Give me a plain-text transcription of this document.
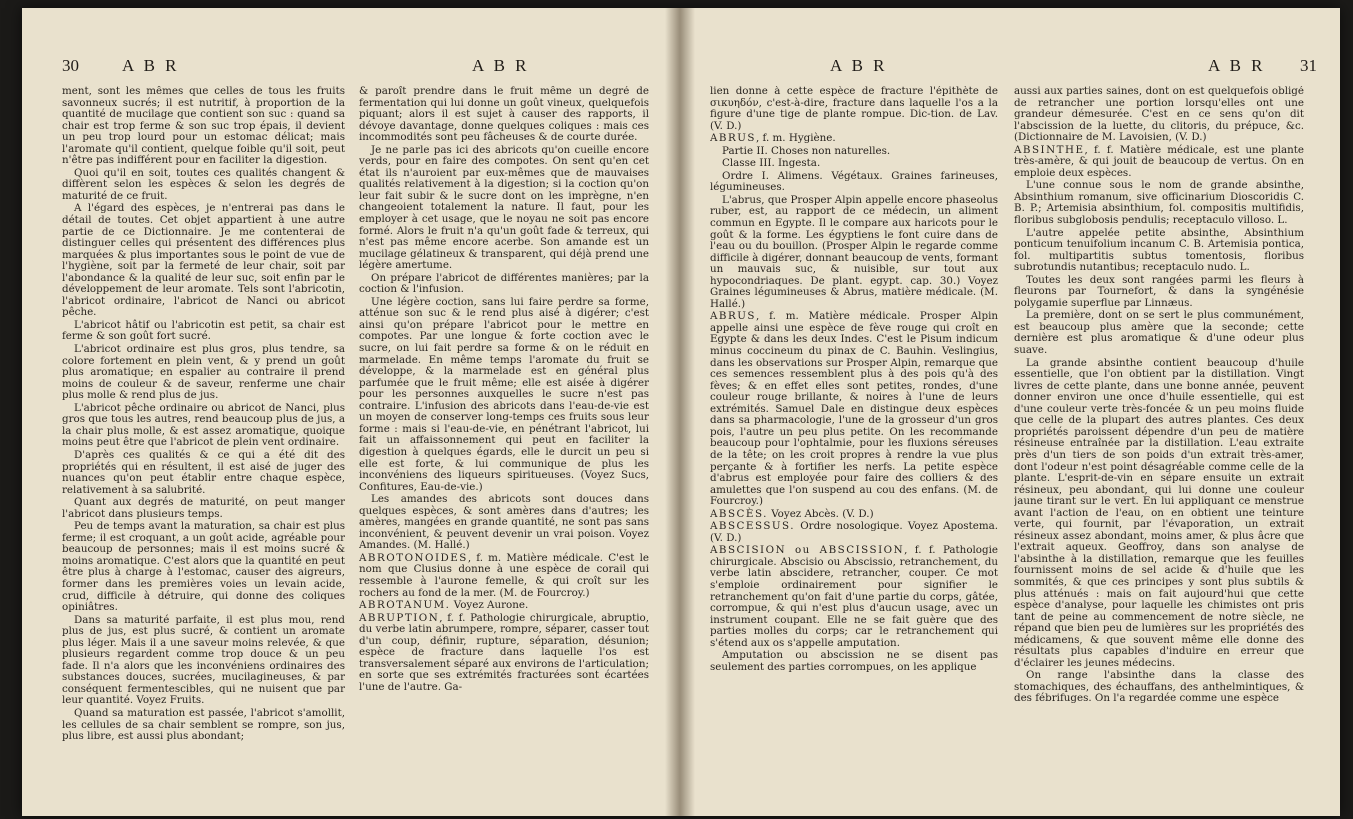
30	A B R	A B R

ment, sont les mêmes que celles de tous les fruits savonneux sucrés; il est nutritif, à proportion de la quantité de mucilage que contient son suc : quand sa chair est trop ferme & son suc trop épais, il devient un peu trop lourd pour un estomac délicat; mais l'aromate qu'il contient, quelque foible qu'il soit, peut n'être pas indifférent pour en faciliter la digestion.

Quoi qu'il en soit, toutes ces qualités changent & diffèrent selon les espèces & selon les degrés de maturité de ce fruit.

A l'égard des espèces, je n'entrerai pas dans le détail de toutes. Cet objet appartient à une autre partie de ce Dictionnaire. Je me contenterai de distinguer celles qui présentent des différences plus marquées & plus importantes sous le point de vue de l'hygiène, soit par la fermeté de leur chair, soit par l'abondance & la qualité de leur suc, soit enfin par le développement de leur aromate. Tels sont l'abricotin, l'abricot ordinaire, l'abricot de Nanci ou abricot pêche.

L'abricot hâtif ou l'abricotin est petit, sa chair est ferme & son goût fort sucré.

L'abricot ordinaire est plus gros, plus tendre, sa colore fortement en plein vent, & y prend un goût plus aromatique; en espalier au contraire il prend moins de couleur & de saveur, renferme une chair plus molle & rend plus de jus.

L'abricot pêche ordinaire ou abricot de Nanci, plus gros que tous les autres, rend beaucoup plus de jus, a la chair plus molle, & est assez aromatique, quoique moins peut être que l'abricot de plein vent ordinaire.

D'après ces qualités & ce qui a été dit des propriétés qui en résultent, il est aisé de juger des nuances qu'on peut établir entre chaque espèce, relativement à sa salubrité.

Quant aux degrés de maturité, on peut manger l'abricot dans plusieurs temps.

Peu de temps avant la maturation, sa chair est plus ferme; il est croquant, a un goût acide, agréable pour beaucoup de personnes; mais il est moins sucré & moins aromatique. C'est alors que la quantité en peut être plus à charge à l'estomac, causer des aigreurs, former dans les premières voies un levain acide, crud, difficile à détruire, qui donne des coliques opiniâtres.

Dans sa maturité parfaite, il est plus mou, rend plus de jus, est plus sucré, & contient un aromate plus léger. Mais il a une saveur moins relevée, & que plusieurs regardent comme trop douce & un peu fade. Il n'a alors que les inconvéniens ordinaires des substances douces, sucrées, mucilagineuses, & par conséquent fermentescibles, qui ne nuisent que par leur quantité. Voyez Fruits.

Quand sa maturation est passée, l'abricot s'amollit, les cellules de sa chair semblent se rompre, son jus, plus libre, est aussi plus abondant;

& paroît prendre dans le fruit même un degré de fermentation qui lui donne un goût vineux, quelquefois piquant; alors il est sujet à causer des rapports, il dévoye davantage, donne quelques coliques : mais ces incommodités sont peu fâcheuses & de courte durée.

Je ne parle pas ici des abricots qu'on cueille encore verds, pour en faire des compotes. On sent qu'en cet état ils n'auroient par eux-mêmes que de mauvaises qualités relativement à la digestion; si la coction qu'on leur fait subir & le sucre dont on les imprègne, n'en changeoient totalement la nature. Il faut, pour les employer à cet usage, que le noyau ne soit pas encore formé. Alors le fruit n'a qu'un goût fade & terreux, qui n'est pas même encore acerbe. Son amande est un mucilage gélatineux & transparent, qui déjà prend une légère amertume.

On prépare l'abricot de différentes manières; par la coction & l'infusion.

Une légère coction, sans lui faire perdre sa forme, atténue son suc & le rend plus aisé à digérer; c'est ainsi qu'on prépare l'abricot pour le mettre en compotes. Par une longue & forte coction avec le sucre, on lui fait perdre sa forme & on le réduit en marmelade. En même temps l'aromate du fruit se développe, & la marmelade est en général plus parfumée que le fruit même; elle est aisée à digérer pour les personnes auxquelles le sucre n'est pas contraire. L'infusion des abricots dans l'eau-de-vie est un moyen de conserver long-temps ces fruits sous leur forme : mais si l'eau-de-vie, en pénétrant l'abricot, lui fait un affaissonnement qui peut en faciliter la digestion à quelques égards, elle le durcit un peu si elle est forte, & lui communique de plus les inconvéniens des liqueurs spiritueuses. (Voyez Sucs, Confitures, Eau-de-vie.)

Les amandes des abricots sont douces dans quelques espèces, & sont amères dans d'autres; les amères, mangées en grande quantité, ne sont pas sans inconvénient, & peuvent devenir un vrai poison. Voyez Amandes. (M. Hallé.)

ABROTONOIDES, f. m. Matière médicale. C'est le nom que Clusius donne à une espèce de corail qui ressemble à l'aurone femelle, & qui croît sur les rochers au fond de la mer. (M. de Fourcroy.)

ABROTANUM. Voyez Aurone.

ABRUPTION, f. f. Pathologie chirurgicale, abruptio, du verbe latin abrumpere, rompre, séparer, casser tout d'un coup, définir, rupture, séparation, désunion; espèce de fracture dans laquelle l'os est transversalement séparé aux environs de l'articulation; en sorte que ses extrémités fracturées sont écartées l'une de l'autre. Ga-

A B R	A B R 31

lien donne à cette espèce de fracture l'épithète de σικυηδόν, c'est-à-dire, fracture dans laquelle l'os a la figure d'une tige de plante rompue. Dic-tion. de Lav. (V. D.)

ABRUS, f. m. Hygiène.

Partie II. Choses non naturelles.

Classe III. Ingesta.

Ordre I. Alimens. Végétaux. Graines farineuses, légumineuses.

L'abrus, que Prosper Alpin appelle encore phaseolus ruber, est, au rapport de ce médecin, un aliment commun en Egypte. Il le compare aux haricots pour le goût & la forme. Les égyptiens le font cuire dans de l'eau ou du bouillon. (Prosper Alpin le regarde comme difficile à digérer, donnant beaucoup de vents, formant un mauvais suc, & nuisible, sur tout aux hypocondriaques. De plant. egypt. cap. 30.) Voyez Graines légumineuses & Abrus, matière médicale. (M. Hallé.)

ABRUS, f. m. Matière médicale. Prosper Alpin appelle ainsi une espèce de fève rouge qui croît en Egypte & dans les deux Indes. C'est le Pisum indicum minus coccineum du pinax de C. Bauhin. Veslingius, dans les observations sur Prosper Alpin, remarque que ces semences ressemblent plus à des pois qu'à des fèves; & en effet elles sont petites, rondes, d'une couleur rouge brillante, & noires à l'une de leurs extrémités. Samuel Dale en distingue deux espèces dans sa pharmacologie, l'une de la grosseur d'un gros pois, l'autre un peu plus petite. On les recommande beaucoup pour l'ophtalmie, pour les fluxions séreuses de la tête; on les croit propres à rendre la vue plus perçante & à fortifier les nerfs. La petite espèce d'abrus est employée pour faire des colliers & des amulettes que l'on suspend au cou des enfans. (M. de Fourcroy.)

ABSCÈS. Voyez Abcès. (V. D.)

ABSCESSUS. Ordre nosologique. Voyez Apostema. (V. D.)

ABSCISION ou ABSCISSION, f. f. Pathologie chirurgicale. Abscisio ou Abscissio, retranchement, du verbe latin abscidere, retrancher, couper. Ce mot s'emploie ordinairement pour signifier le retranchement qu'on fait d'une partie du corps, gâtée, corrompue, & qui n'est plus d'aucun usage, avec un instrument coupant. Elle ne se fait guère que des parties molles du corps; car le retranchement qui s'étend aux os s'appelle amputation.

Amputation ou abscission ne se disent pas seulement des parties corrompues, on les applique

aussi aux parties saines, dont on est quelquefois obligé de retrancher une portion lorsqu'elles ont une grandeur démesurée. C'est en ce sens qu'on dit l'abscission de la luette, du clitoris, du prépuce, &c. (Dictionnaire de M. Lavoisien, (V. D.)

ABSINTHE, f. f. Matière médicale, est une plante très-amère, & qui jouit de beaucoup de vertus. On en emploie deux espèces.

L'une connue sous le nom de grande absinthe, Absinthium romanum, sive officinarium Dioscoridis C. B. P.; Artemisia absinthium, fol. compositis multifidis, floribus subglobosis pendulis; receptaculo villoso. L.

L'autre appelée petite absinthe, Absinthium ponticum tenuifolium incanum C. B. Artemisia pontica, fol. multipartitis subtus tomentosis, floribus subrotundis nutantibus; receptaculo nudo. L.

Toutes les deux sont rangées parmi les fleurs à fleurons par Tournefort, & dans la syngénésie polygamie superflue par Linnæus.

La première, dont on se sert le plus communément, est beaucoup plus amère que la seconde; cette dernière est plus aromatique & d'une odeur plus suave.

La grande absinthe contient beaucoup d'huile essentielle, que l'on obtient par la distillation. Vingt livres de cette plante, dans une bonne année, peuvent donner environ une once d'huile essentielle, qui est d'une couleur verte très-foncée & un peu moins fluide que celle de la plupart des autres plantes. Ces deux propriétés paroissent dépendre d'un peu de matière résineuse entraînée par la distillation. L'eau extraite près d'un tiers de son poids d'un extrait très-amer, dont l'odeur n'est point désagréable comme celle de la plante. L'esprit-de-vin en sépare ensuite un extrait résineux, peu abondant, qui lui donne une couleur jaune tirant sur le vert. En lui appliquant ce menstrue avant l'action de l'eau, on en obtient une teinture verte, qui fournit, par l'évaporation, un extrait résineux assez abondant, moins amer, & plus âcre que l'extrait aqueux. Geoffroy, dans son analyse de l'absinthe à la distillation, remarque que les feuilles fournissent moins de sel acide & d'huile que les sommités, & que ces principes y sont plus subtils & plus atténués : mais on fait aujourd'hui que cette espèce d'analyse, pour laquelle les chimistes ont pris tant de peine au commencement de notre siècle, ne répand que bien peu de lumières sur les propriétés des médicamens, & que souvent même elle donne des résultats plus capables d'induire en erreur que d'éclairer les jeunes médecins.

On range l'absinthe dans la classe des stomachiques, des échauffans, des anthelmintiques, & des fébrifuges. On l'a regardée comme une espèce
